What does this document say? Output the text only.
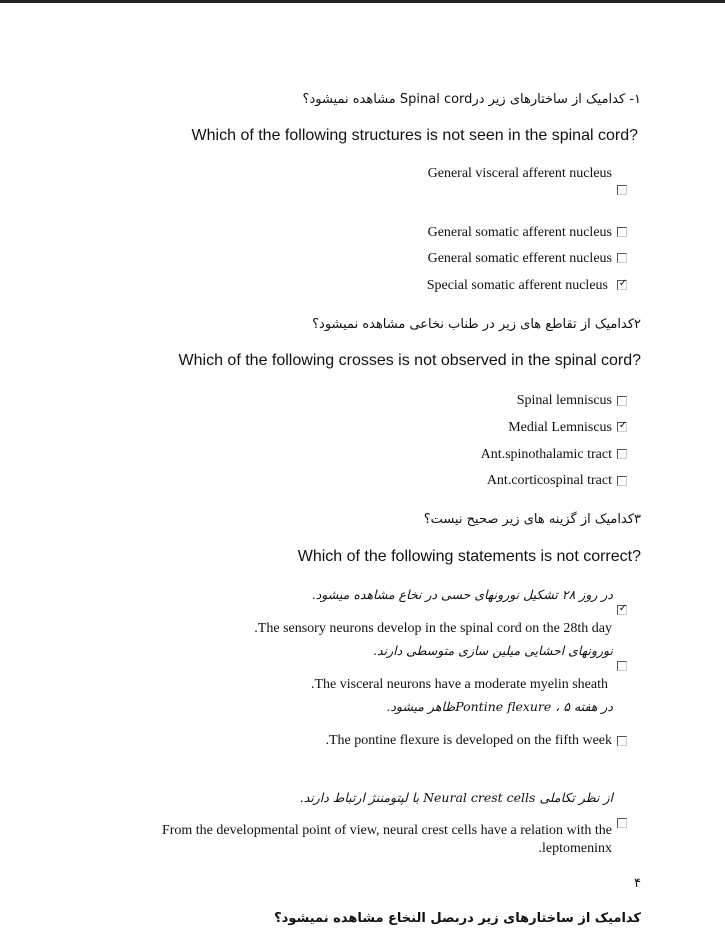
۱- کدامیک از ساختارهای زیر درSpinal cord مشاهده نمیشود؟
Which of the following structures is not seen in the spinal cord?
General visceral afferent nucleus
General somatic afferent nucleus
General somatic efferent nucleus
Special somatic afferent nucleus ✓
۲کدامیک از تقاطع های زیر در طناب نخاعی مشاهده نمیشود؟
Which of the following crosses is not observed in the spinal cord?
Spinal lemniscus
Medial Lemniscus ✓
Ant.spinothalamic tract
Ant.corticospinal tract
۳کدامیک از گزینه های زیر صحیح نیست؟
Which of the following statements is not correct?
در روز ۲۸ تشکیل نورونهای حسی در نخاع مشاهده میشود.
✓
.The sensory neurons develop in the spinal cord on the 28th day
نورونهای احشایی میلین سازی متوسطی دارند.
.The visceral neurons have a moderate myelin sheath
در هفته ۵ ، Pontine flexureظاهر میشود.
.The pontine flexure is developed on the fifth week
از نظر تکاملی Neural crest cells با لپتومننژ ارتباط دارند.
From the developmental point of view, neural crest cells have a relation with the
.leptomeninx
۴
کدامیک از ساختارهای زیر دربصل النخاع مشاهده نمیشود؟
